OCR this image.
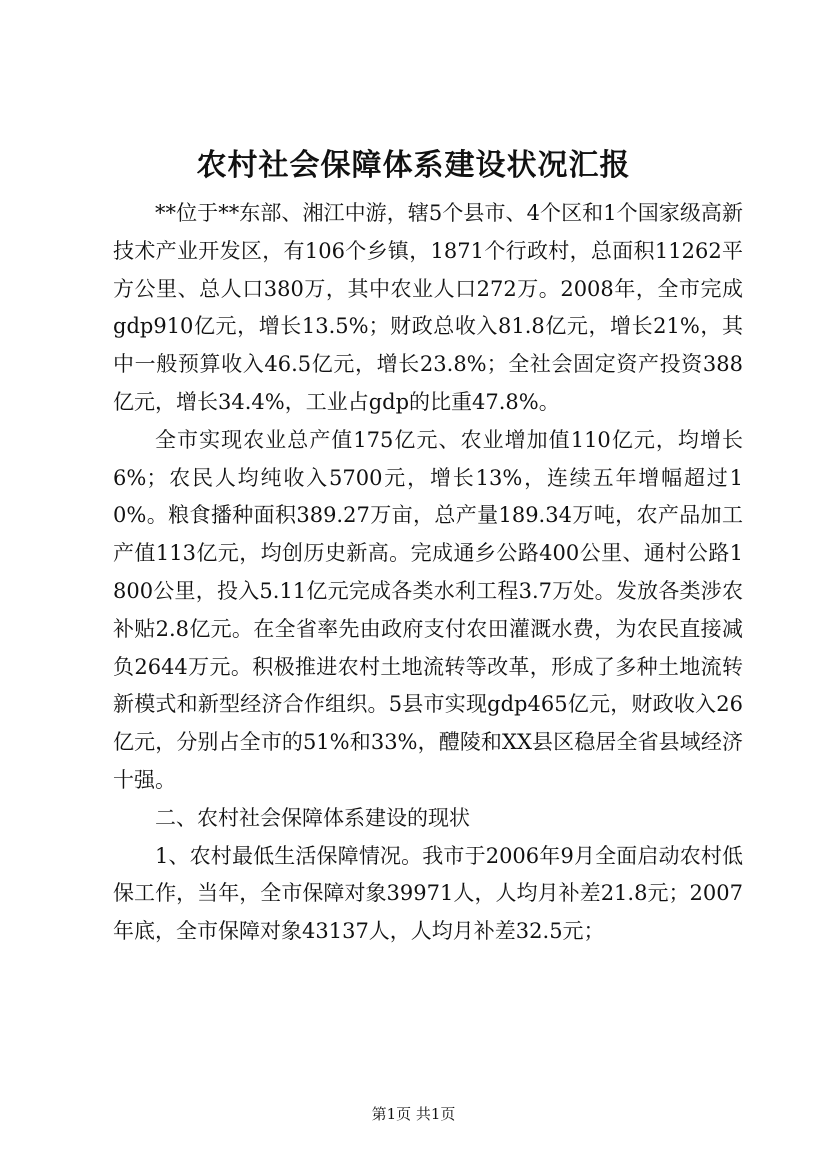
农村社会保障体系建设状况汇报

**位于**东部、湘江中游，辖5个县市、4个区和1个国家级高新技术产业开发区，有106个乡镇，1871个行政村，总面积11262平方公里、总人口380万，其中农业人口272万。2008年，全市完成gdp910亿元，增长13.5%；财政总收入81.8亿元，增长21%，其中一般预算收入46.5亿元，增长23.8%；全社会固定资产投资388亿元，增长34.4%，工业占gdp的比重47.8%。

全市实现农业总产值175亿元、农业增加值110亿元，均增长6%；农民人均纯收入5700元，增长13%，连续五年增幅超过10%。粮食播种面积389.27万亩，总产量189.34万吨，农产品加工产值113亿元，均创历史新高。完成通乡公路400公里、通村公路1800公里，投入5.11亿元完成各类水利工程3.7万处。发放各类涉农补贴2.8亿元。在全省率先由政府支付农田灌溉水费，为农民直接减负2644万元。积极推进农村土地流转等改革，形成了多种土地流转新模式和新型经济合作组织。5县市实现gdp465亿元，财政收入26亿元，分别占全市的51%和33%，醴陵和XX县区稳居全省县域经济十强。

二、农村社会保障体系建设的现状

1、农村最低生活保障情况。我市于2006年9月全面启动农村低保工作，当年，全市保障对象39971人，人均月补差21.8元；2007年底，全市保障对象43137人，人均月补差32.5元；

第1页 共1页
